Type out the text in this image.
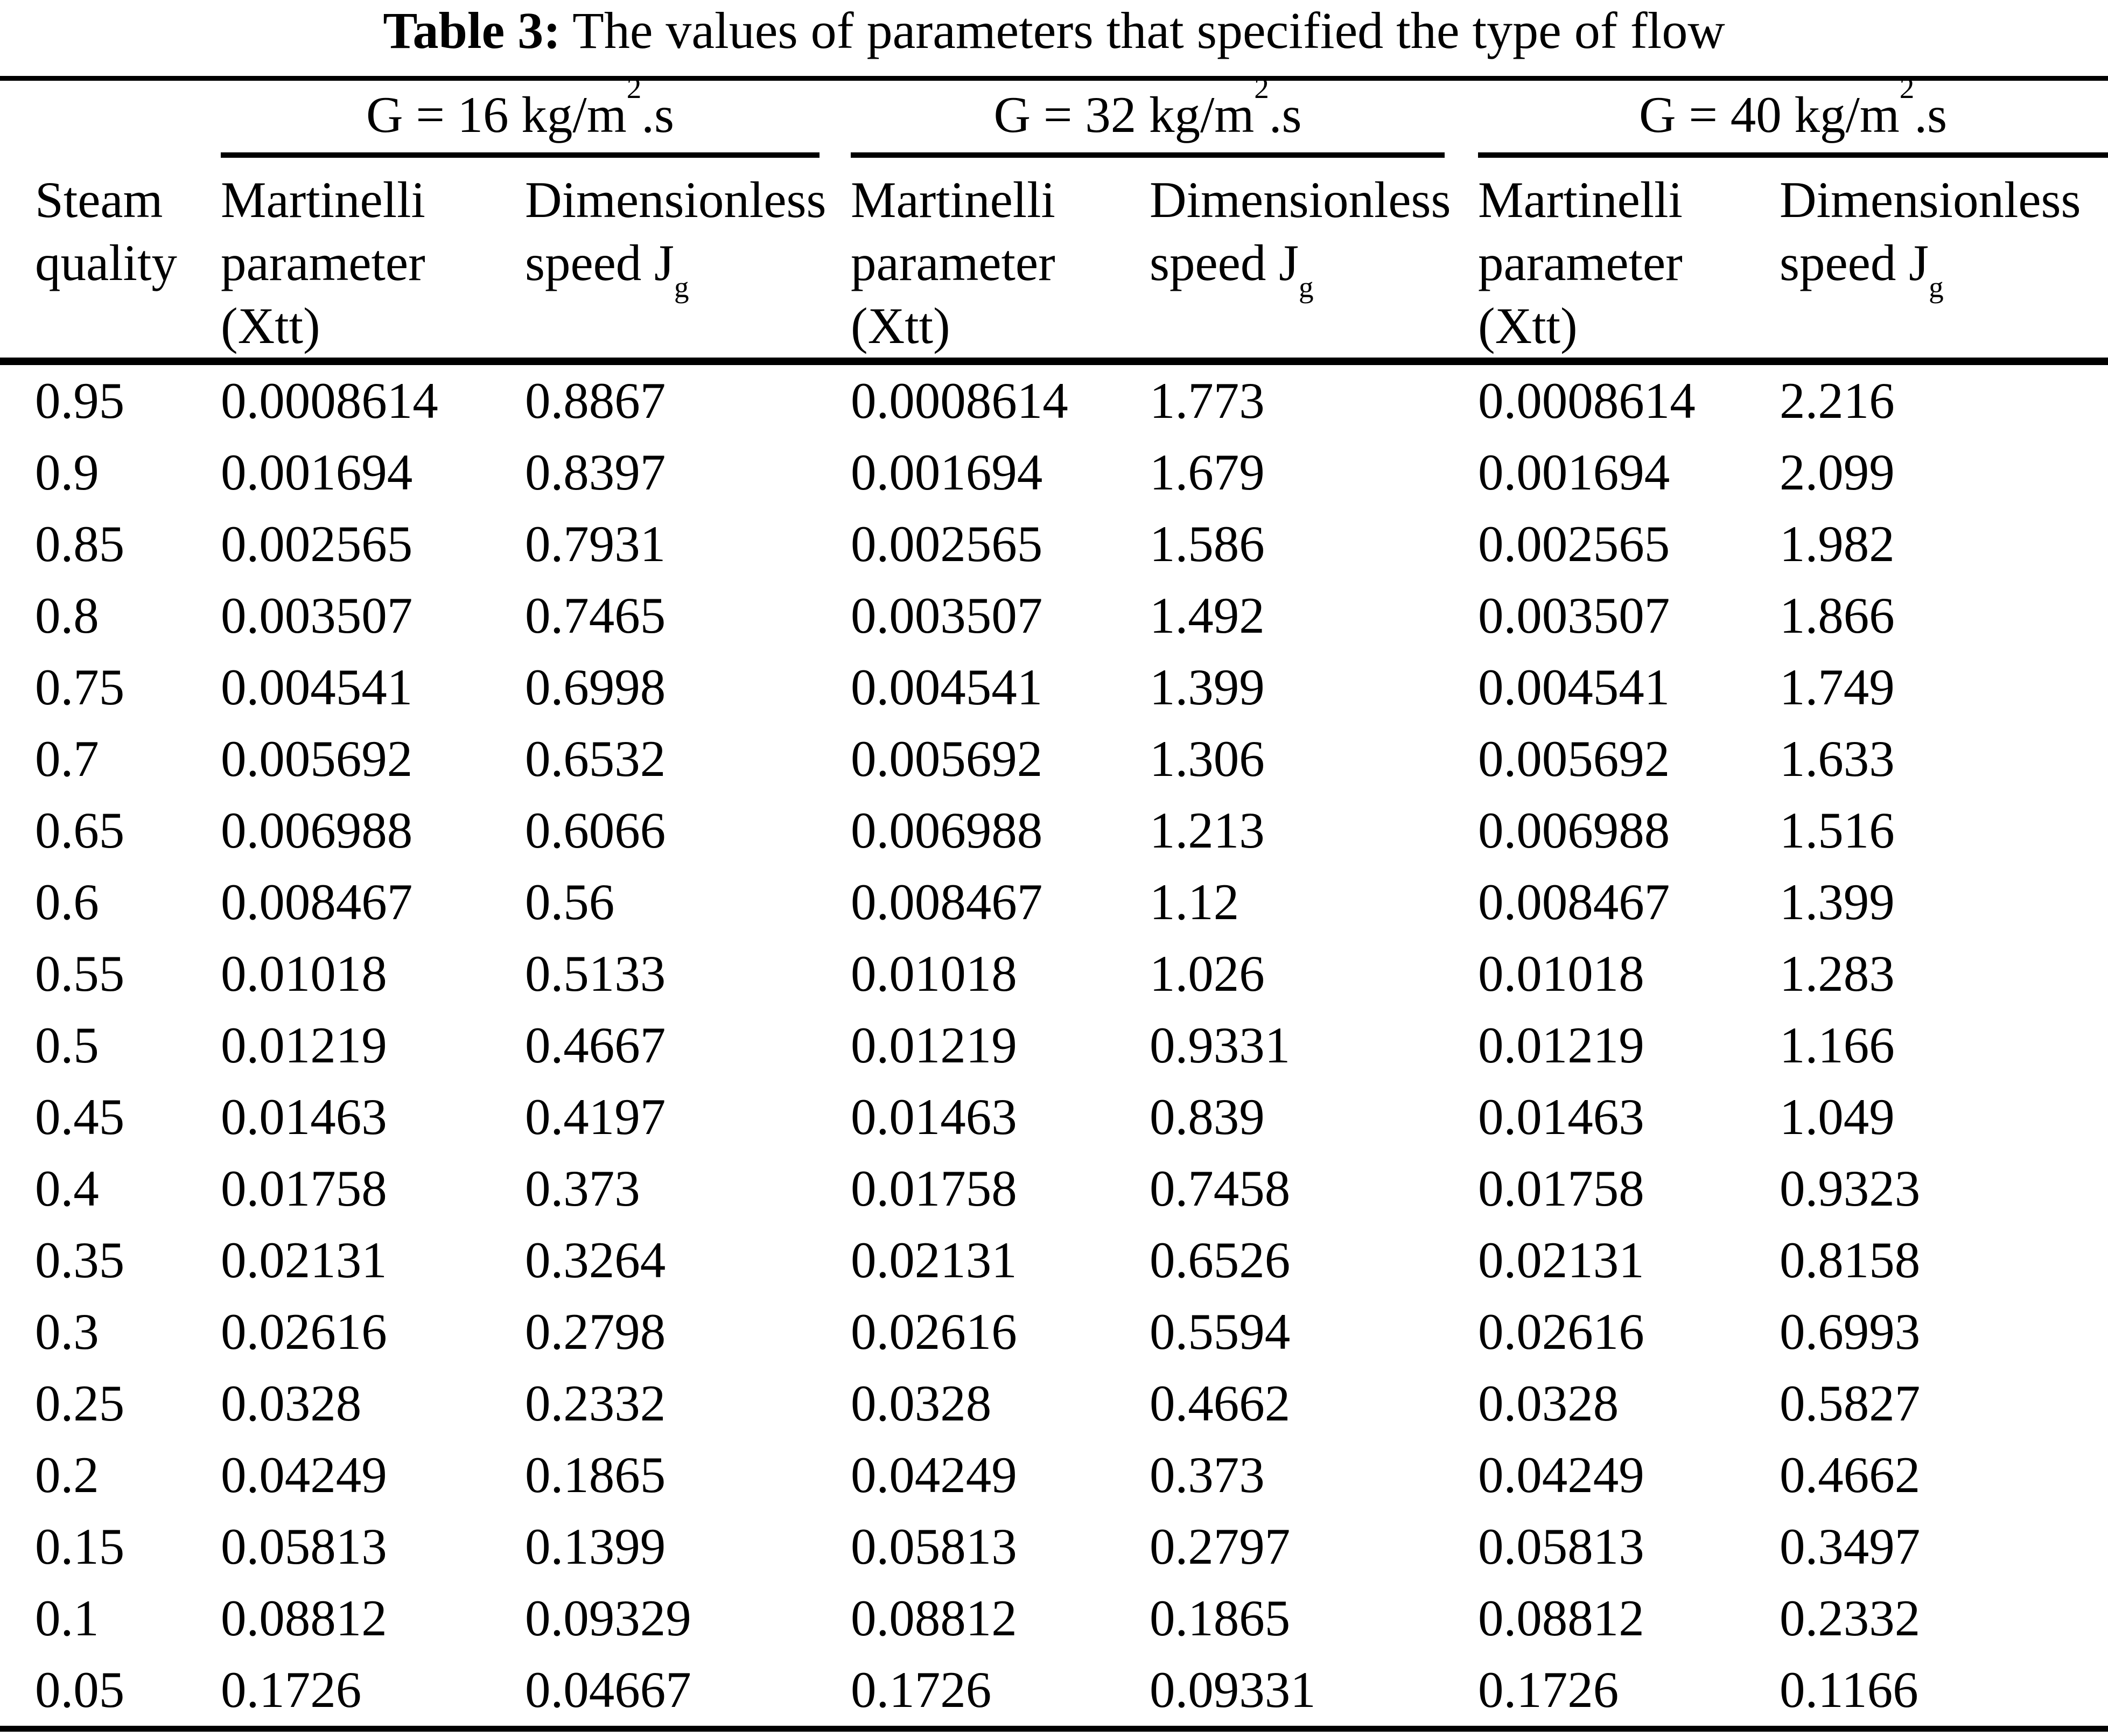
Table 3: The values of parameters that specified the type of flow

	G = 16 $kg/m^2.s$		G = 32 $kg/m^2.s$		G = 40 $kg/m^2.s$	

Steam quality	Martinelli parameter (Xtt)	Dimensionless speed $J_g$	Martinelli parameter (Xtt)	Dimensionless speed $J_g$	Martinelli parameter (Xtt)	Dimensionless speed $J_g$
0.95	0.0008614	0.8867	0.0008614	1.773	0.0008614	2.216
0.9	0.001694	0.8397	0.001694	1.679	0.001694	2.099
0.85	0.002565	0.7931	0.002565	1.586	0.002565	1.982
0.8	0.003507	0.7465	0.003507	1.492	0.003507	1.866
0.75	0.004541	0.6998	0.004541	1.399	0.004541	1.749
0.7	0.005692	0.6532	0.005692	1.306	0.005692	1.633
0.65	0.006988	0.6066	0.006988	1.213	0.006988	1.516
0.6	0.008467	0.56	0.008467	1.12	0.008467	1.399
0.55	0.01018	0.5133	0.01018	1.026	0.01018	1.283
0.5	0.01219	0.4667	0.01219	0.9331	0.01219	1.166
0.45	0.01463	0.4197	0.01463	0.839	0.01463	1.049
0.4	0.01758	0.373	0.01758	0.7458	0.01758	0.9323
0.35	0.02131	0.3264	0.02131	0.6526	0.02131	0.8158
0.3	0.02616	0.2798	0.02616	0.5594	0.02616	0.6993
0.25	0.0328	0.2332	0.0328	0.4662	0.0328	0.5827
0.2	0.04249	0.1865	0.04249	0.373	0.04249	0.4662
0.15	0.05813	0.1399	0.05813	0.2797	0.05813	0.3497
0.1	0.08812	0.09329	0.08812	0.1865	0.08812	0.2332
0.05	0.1726	0.04667	0.1726	0.09331	0.1726	0.1166
